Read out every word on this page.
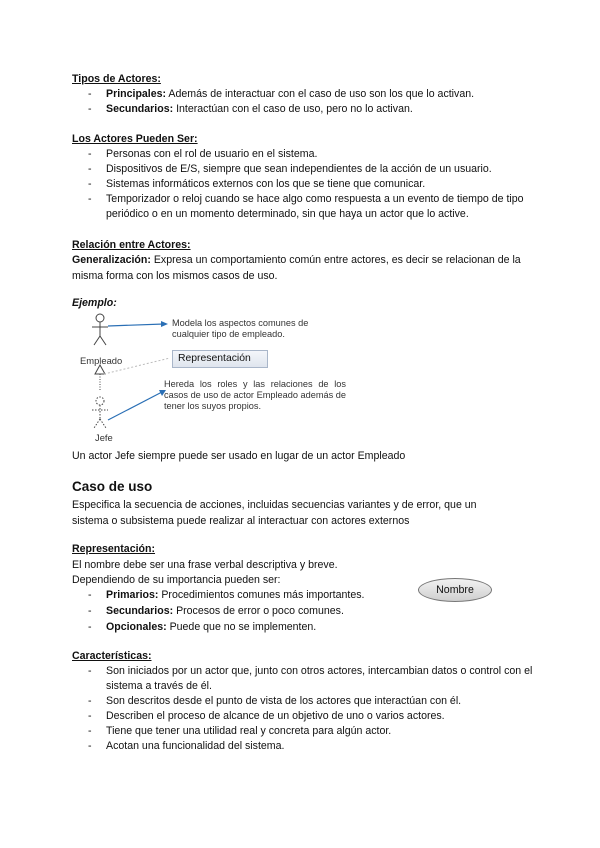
Tipos de Actores:
- Principales: Además de interactuar con el caso de uso son los que lo activan.
- Secundarios: Interactúan con el caso de uso, pero no lo activan.
Los Actores Pueden Ser:
- Personas con el rol de usuario en el sistema.
- Dispositivos de E/S, siempre que sean independientes de la acción de un usuario.
- Sistemas informáticos externos con los que se tiene que comunicar.
- Temporizador o reloj cuando se hace algo como respuesta a un evento de tiempo de tipo periódico o en un momento determinado, sin que haya un actor que lo active.
Relación entre Actores:
Generalización: Expresa un comportamiento común entre actores, es decir se relacionan de la misma forma con los mismos casos de uso.
Ejemplo:
Empleado
Jefe
Modela los aspectos comunes de cualquier tipo de empleado.
Representación
Hereda los roles y las relaciones de los casos de uso de actor Empleado además de tener los suyos propios.
Un actor Jefe siempre puede ser usado en lugar de un actor Empleado
Caso de uso
Especifica la secuencia de acciones, incluidas secuencias variantes y de error, que un sistema o subsistema puede realizar al interactuar con actores externos
Representación:
El nombre debe ser una frase verbal descriptiva y breve.
Dependiendo de su importancia pueden ser:
- Primarios: Procedimientos comunes más importantes.
- Secundarios: Procesos de error o poco comunes.
- Opcionales: Puede que no se implementen.
Nombre
Características:
- Son iniciados por un actor que, junto con otros actores, intercambian datos o control con el sistema a través de él.
- Son descritos desde el punto de vista de los actores que interactúan con él.
- Describen el proceso de alcance de un objetivo de uno o varios actores.
- Tiene que tener una utilidad real y concreta para algún actor.
- Acotan una funcionalidad del sistema.
